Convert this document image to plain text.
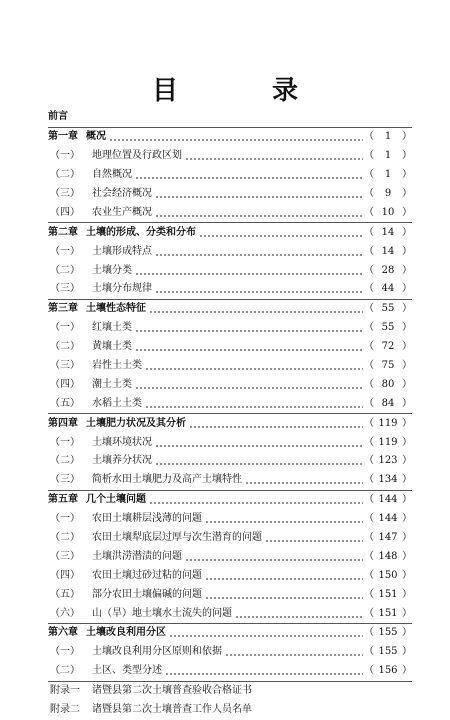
目　录
前言
第一章 概况	（	1	）
（一）	地理位置及行政区划	（	1	）
（二）	自然概况	（	1	）
（三）	社会经济概况	（	9	）
（四）	农业生产概况	（ 10 ）
第二章 土壤的形成、分类和分布	（ 14 ）
（一）	土壤形成特点	（ 14 ）
（二）	土壤分类	（ 28 ）
（三）	土壤分布规律	（ 44 ）
第三章 土壤性态特征	（ 55 ）
（一）	红壤土类	（ 55 ）
（二）	黄壤土类	（ 72 ）
（三）	岩性土土类	（ 75 ）
（四）	潮土土类	（ 80 ）
（五）	水稻土土类	（ 84 ）
第四章 土壤肥力状况及其分析	（ 119 ）
（一）	土壤环境状况	（ 119 ）
（二）	土壤养分状况	（ 123 ）
（三）	简析水田土壤肥力及高产土壤特性	（ 134 ）
第五章 几个土壤问题	（ 144 ）
（一）	农田土壤耕层浅薄的问题	（ 144 ）
（二）	农田土壤犁底层过厚与次生潜育的问题	（ 147 ）
（三）	土壤洪涝潜渍的问题	（ 148 ）
（四）	农田土壤过砂过粘的问题	（ 150 ）
（五）	部分农田土壤偏碱的问题	（ 151 ）
（六）	山（旱）地土壤水土流失的问题	（ 151 ）
第六章 土壤改良利用分区	（ 155 ）
（一）	土壤改良利用分区原则和依据	（ 155 ）
（二）	土区、类型分述	（ 156 ）
附录一	诸暨县第二次土壤普查验收合格证书
附录二	诸暨县第二次土壤普查工作人员名单
